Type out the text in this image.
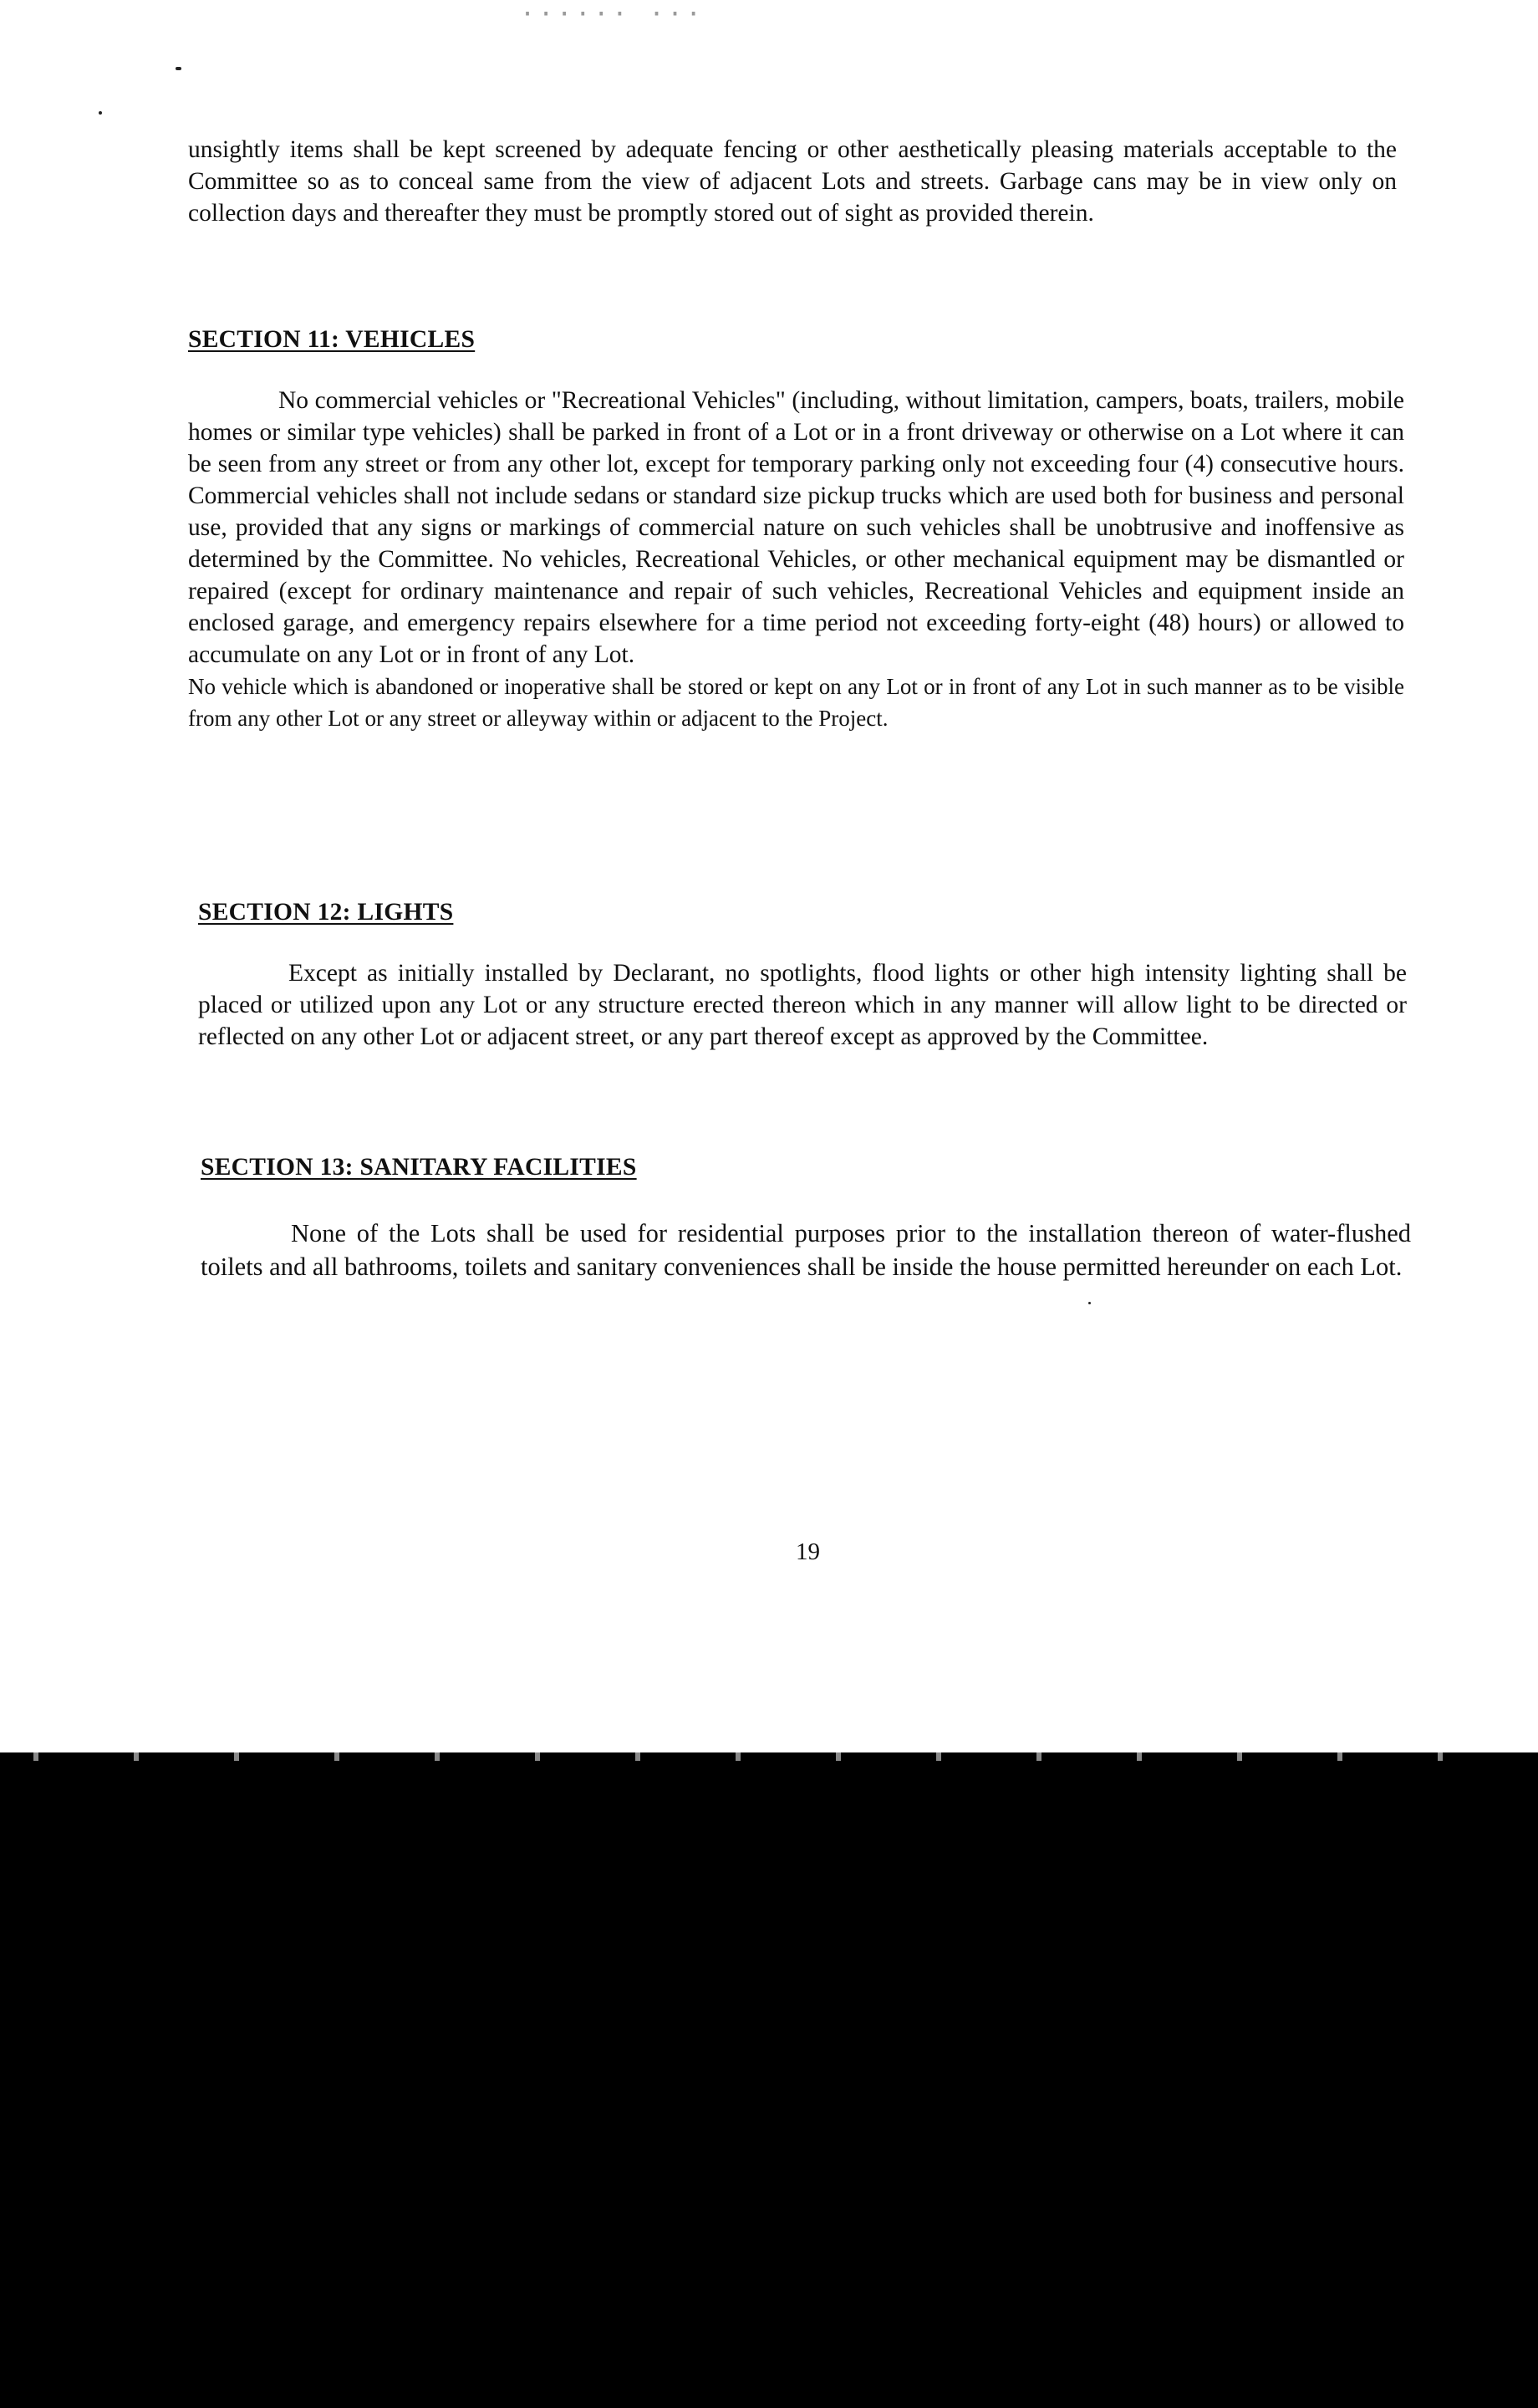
······ ···

unsightly items shall be kept screened by adequate fencing or other aesthetically pleasing materials acceptable to the Committee so as to conceal same from the view of adjacent Lots and streets. Garbage cans may be in view only on collection days and thereafter they must be promptly stored out of sight as provided therein.

SECTION 11: VEHICLES

No commercial vehicles or "Recreational Vehicles" (including, without limitation, campers, boats, trailers, mobile homes or similar type vehicles) shall be parked in front of a Lot or in a front driveway or otherwise on a Lot where it can be seen from any street or from any other lot, except for temporary parking only not exceeding four (4) consecutive hours. Commercial vehicles shall not include sedans or standard size pickup trucks which are used both for business and personal use, provided that any signs or markings of commercial nature on such vehicles shall be unobtrusive and inoffensive as determined by the Committee. No vehicles, Recreational Vehicles, or other mechanical equipment may be dismantled or repaired (except for ordinary maintenance and repair of such vehicles, Recreational Vehicles and equipment inside an enclosed garage, and emergency repairs elsewhere for a time period not exceeding forty-eight (48) hours) or allowed to accumulate on any Lot or in front of any Lot.

No vehicle which is abandoned or inoperative shall be stored or kept on any Lot or in front of any Lot in such manner as to be visible from any other Lot or any street or alleyway within or adjacent to the Project.

SECTION 12: LIGHTS

Except as initially installed by Declarant, no spotlights, flood lights or other high intensity lighting shall be placed or utilized upon any Lot or any structure erected thereon which in any manner will allow light to be directed or reflected on any other Lot or adjacent street, or any part thereof except as approved by the Committee.

SECTION 13: SANITARY FACILITIES

None of the Lots shall be used for residential purposes prior to the installation thereon of water-flushed toilets and all bathrooms, toilets and sanitary conveniences shall be inside the house permitted hereunder on each Lot.

19
